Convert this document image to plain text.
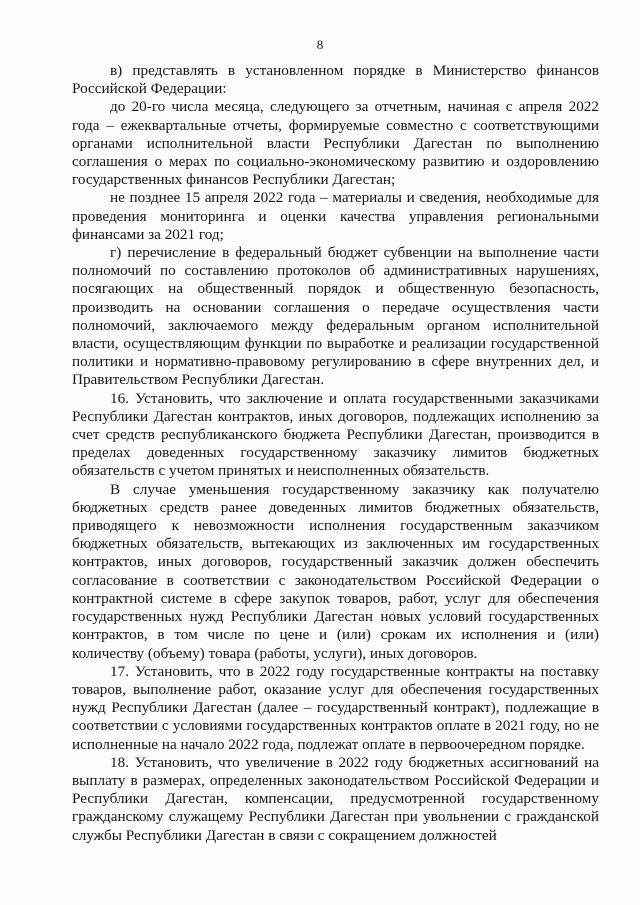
8

в) представлять в установленном порядке в Министерство финансов Российской Федерации:

до 20-го числа месяца, следующего за отчетным, начиная с апреля 2022 года – ежеквартальные отчеты, формируемые совместно с соответствующими органами исполнительной власти Республики Дагестан по выполнению соглашения о мерах по социально-экономическому развитию и оздоровлению государственных финансов Республики Дагестан;

не позднее 15 апреля 2022 года – материалы и сведения, необходимые для проведения мониторинга и оценки качества управления региональными финансами за 2021 год;

г) перечисление в федеральный бюджет субвенции на выполнение части полномочий по составлению протоколов об административных нарушениях, посягающих на общественный порядок и общественную безопасность, производить на основании соглашения о передаче осуществления части полномочий, заключаемого между федеральным органом исполнительной власти, осуществляющим функции по выработке и реализации государственной политики и нормативно-правовому регулированию в сфере внутренних дел, и Правительством Республики Дагестан.

16. Установить, что заключение и оплата государственными заказчиками Республики Дагестан контрактов, иных договоров, подлежащих исполнению за счет средств республиканского бюджета Республики Дагестан, производится в пределах доведенных государственному заказчику лимитов бюджетных обязательств с учетом принятых и неисполненных обязательств.

В случае уменьшения государственному заказчику как получателю бюджетных средств ранее доведенных лимитов бюджетных обязательств, приводящего к невозможности исполнения государственным заказчиком бюджетных обязательств, вытекающих из заключенных им государственных контрактов, иных договоров, государственный заказчик должен обеспечить согласование в соответствии с законодательством Российской Федерации о контрактной системе в сфере закупок товаров, работ, услуг для обеспечения государственных нужд Республики Дагестан новых условий государственных контрактов, в том числе по цене и (или) срокам их исполнения и (или) количеству (объему) товара (работы, услуги), иных договоров.

17. Установить, что в 2022 году государственные контракты на поставку товаров, выполнение работ, оказание услуг для обеспечения государственных нужд Республики Дагестан (далее – государственный контракт), подлежащие в соответствии с условиями государственных контрактов оплате в 2021 году, но не исполненные на начало 2022 года, подлежат оплате в первоочередном порядке.

18. Установить, что увеличение в 2022 году бюджетных ассигнований на выплату в размерах, определенных законодательством Российской Федерации и Республики Дагестан, компенсации, предусмотренной государственному гражданскому служащему Республики Дагестан при увольнении с гражданской службы Республики Дагестан в связи с сокращением должностей
